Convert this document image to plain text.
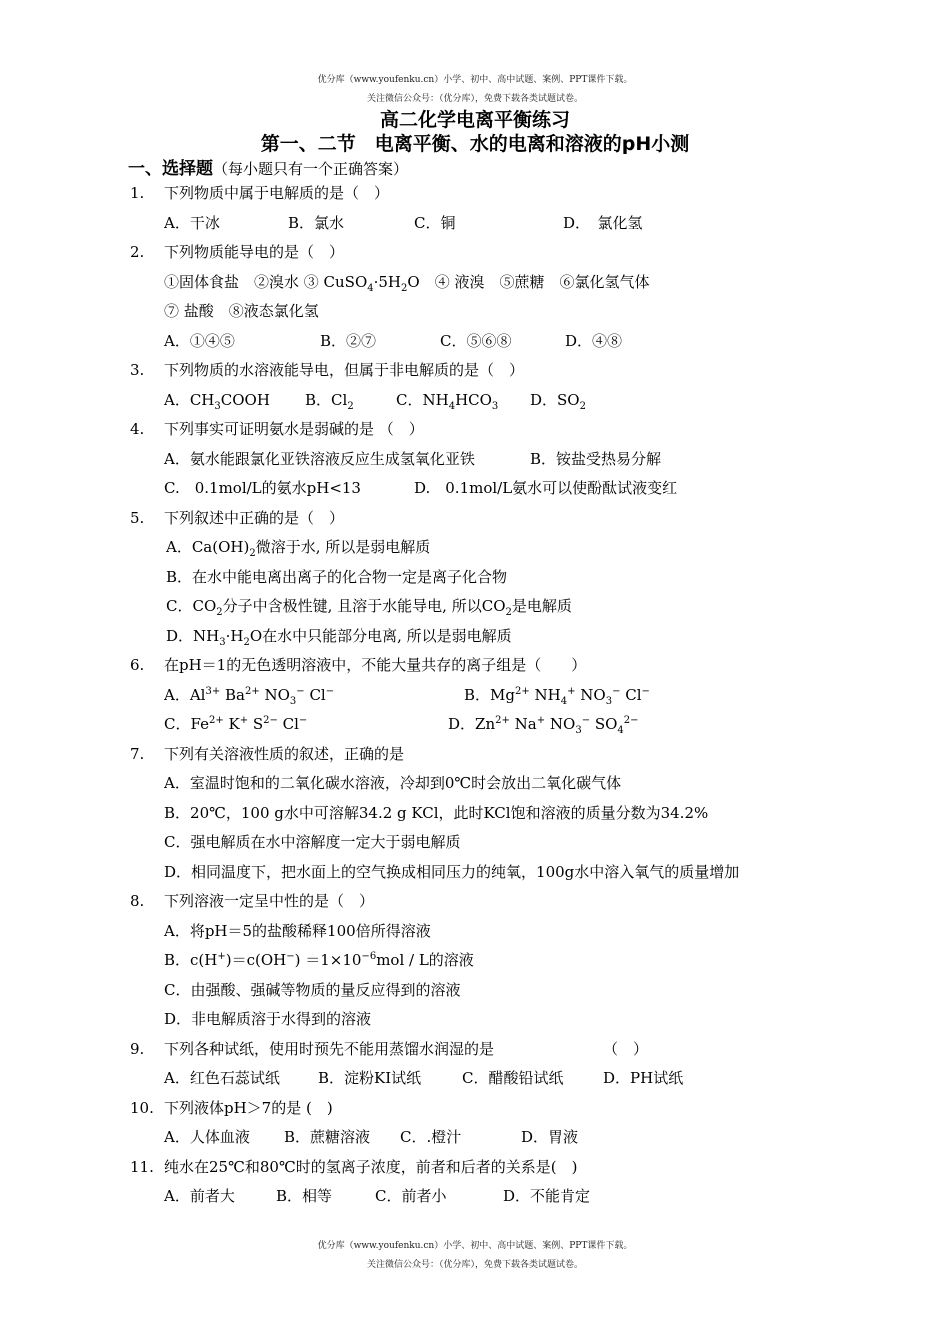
优分库（www.youfenku.cn）小学、初中、高中试题、案例、PPT课件下载。
关注微信公众号：（优分库），免费下载各类试题试卷。
高二化学电离平衡练习
第一、二节　电离平衡、水的电离和溶液的pH小测
一、选择题（每小题只有一个正确答案）
1. 下列物质中属于电解质的是（　）
A．干冰	B．氯水	C．铜	D．　氯化氢
2. 下列物质能导电的是（　）
①固体食盐　②溴水 ③ $CuSO_4\cdot 5H_2O$　④ 液溴　⑤蔗糖　⑥氯化氢气体
⑦ 盐酸　⑧液态氯化氢
A．①④⑤	B．②⑦	C．⑤⑥⑧	D．④⑧
3. 下列物质的水溶液能导电，但属于非电解质的是（　）
A．$CH_3COOH$ B．$Cl_2$	C．$NH_4HCO_3$ D．$SO_2$
4. 下列事实可证明氨水是弱碱的是 （　）
A．氨水能跟氯化亚铁溶液反应生成氢氧化亚铁	B．铵盐受热易分解
C.　0.1mol/L的氨水pH<13	D.　0.1mol/L氨水可以使酚酞试液变红
5. 下列叙述中正确的是（　）
A．$Ca(OH)_2$微溶于水, 所以是弱电解质
B．在水中能电离出离子的化合物一定是离子化合物
C．$CO_2$分子中含极性键, 且溶于水能导电, 所以$CO_2$是电解质
D．$NH_3\cdot H_2O$在水中只能部分电离, 所以是弱电解质
6. 在pH＝1的无色透明溶液中，不能大量共存的离子组是（　　）
A．$Al^{3+}$ $Ba^{2+}$ $NO_3^-$ Cl−	B．$Mg^{2+}$ $NH_4^+$ $NO_3^-$ Cl−
C．$Fe^{2+}$ K+ $S^{2-}$ Cl−	D．$Zn^{2+}$ Na+ $NO_3^-$ $SO_4^{2-}$
7. 下列有关溶液性质的叙述，正确的是
A．室温时饱和的二氧化碳水溶液，冷却到0℃时会放出二氧化碳气体
B．20℃，100 g水中可溶解34.2 g KCl，此时KCl饱和溶液的质量分数为34.2%
C．强电解质在水中溶解度一定大于弱电解质
D．相同温度下，把水面上的空气换成相同压力的纯氧，100g水中溶入氧气的质量增加
8. 下列溶液一定呈中性的是（　）
A．将pH＝5的盐酸稀释100倍所得溶液
B．$c(H^+)=c(OH^-) =1\times 10^{-6}mol / L$的溶液
C．由强酸、强碱等物质的量反应得到的溶液
D．非电解质溶于水得到的溶液
9. 下列各种试纸，使用时预先不能用蒸馏水润湿的是	（　）
A．红色石蕊试纸	B．淀粉KI试纸	C．醋酸铅试纸	D．PH试纸
10. 下列液体pH＞7的是 (　)
A．人体血液 B．蔗糖溶液 C．.橙汁	D．胃液
11. 纯水在25℃和80℃时的氢离子浓度，前者和后者的关系是(　)
A．前者大	B．相等	C．前者小	D．不能肯定
优分库（www.youfenku.cn）小学、初中、高中试题、案例、PPT课件下载。
关注微信公众号：（优分库），免费下载各类试题试卷。
